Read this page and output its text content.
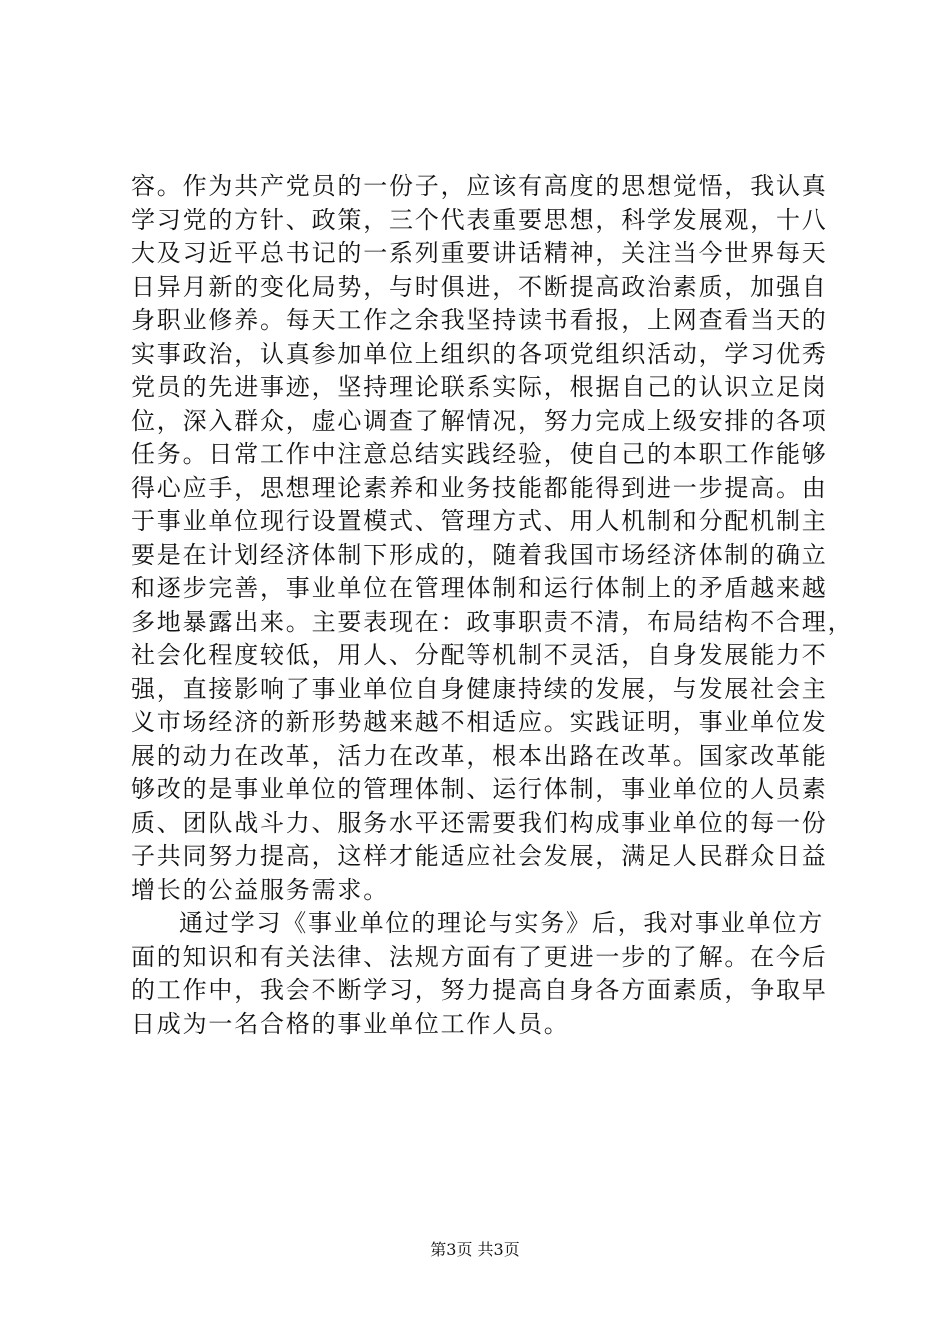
容。作为共产党员的一份子，应该有高度的思想觉悟，我认真
学习党的方针、政策，三个代表重要思想，科学发展观，十八
大及习近平总书记的一系列重要讲话精神，关注当今世界每天
日异月新的变化局势，与时俱进，不断提高政治素质，加强自
身职业修养。每天工作之余我坚持读书看报，上网查看当天的
实事政治，认真参加单位上组织的各项党组织活动，学习优秀
党员的先进事迹，坚持理论联系实际，根据自己的认识立足岗
位，深入群众，虚心调查了解情况，努力完成上级安排的各项
任务。日常工作中注意总结实践经验，使自己的本职工作能够
得心应手，思想理论素养和业务技能都能得到进一步提高。由
于事业单位现行设置模式、管理方式、用人机制和分配机制主
要是在计划经济体制下形成的，随着我国市场经济体制的确立
和逐步完善，事业单位在管理体制和运行体制上的矛盾越来越
多地暴露出来。主要表现在：政事职责不清，布局结构不合理，
社会化程度较低，用人、分配等机制不灵活，自身发展能力不
强，直接影响了事业单位自身健康持续的发展，与发展社会主
义市场经济的新形势越来越不相适应。实践证明，事业单位发
展的动力在改革，活力在改革，根本出路在改革。国家改革能
够改的是事业单位的管理体制、运行体制，事业单位的人员素
质、团队战斗力、服务水平还需要我们构成事业单位的每一份
子共同努力提高，这样才能适应社会发展，满足人民群众日益
增长的公益服务需求。
通过学习《事业单位的理论与实务》后，我对事业单位方
面的知识和有关法律、法规方面有了更进一步的了解。在今后
的工作中，我会不断学习，努力提高自身各方面素质，争取早
日成为一名合格的事业单位工作人员。
第3页 共3页
